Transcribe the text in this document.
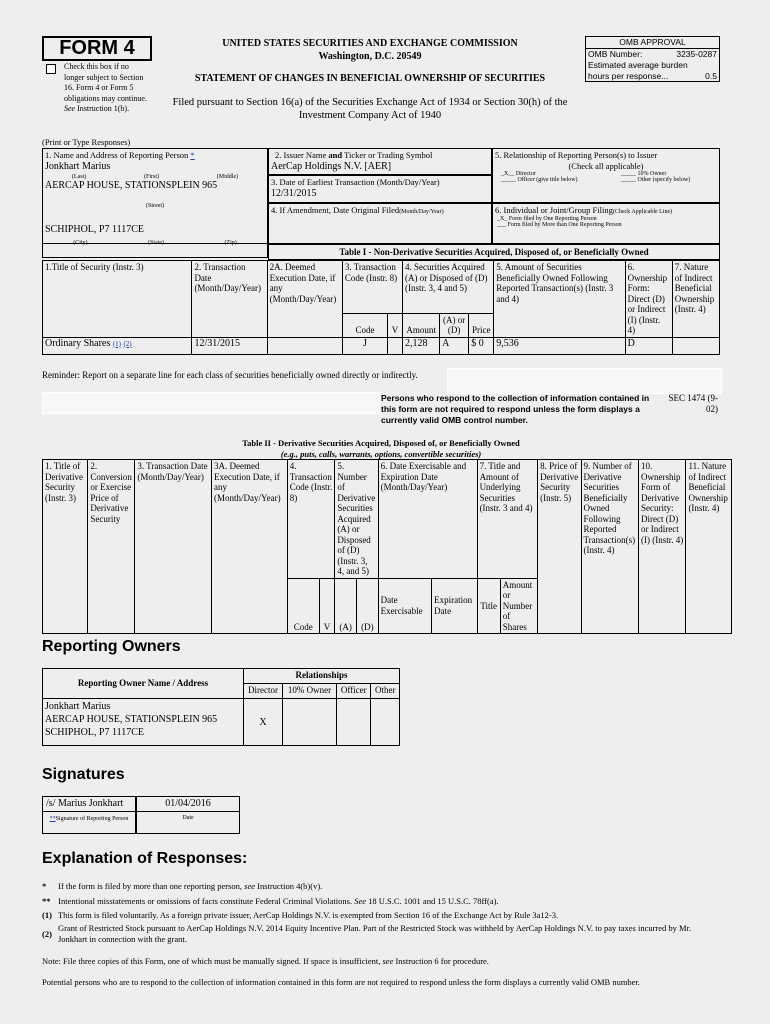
FORM 4
Check this box if no longer subject to Section 16. Form 4 or Form 5 obligations may continue. See Instruction 1(b).
UNITED STATES SECURITIES AND EXCHANGE COMMISSION
Washington, D.C. 20549
STATEMENT OF CHANGES IN BENEFICIAL OWNERSHIP OF SECURITIES
Filed pursuant to Section 16(a) of the Securities Exchange Act of 1934 or Section 30(h) of the Investment Company Act of 1940
OMB APPROVAL
OMB Number:	3235-0287
Estimated average burden
hours per response...	0.5
(Print or Type Responses)
1. Name and Address of Reporting Person *
Jonkhart Marius
(Last)	(First)	(Middle)
AERCAP HOUSE, STATIONSPLEIN 965
(Street)
SCHIPHOL, P7 1117CE
(City)	(State)	(Zip)
2. Issuer Name and Ticker or Trading Symbol
AerCap Holdings N.V. [AER]
3. Date of Earliest Transaction (Month/Day/Year)
12/31/2015
4. If Amendment, Date Original Filed(Month/Day/Year)
5. Relationship of Reporting Person(s) to Issuer
(Check all applicable)
_X__ Director	_____ 10% Owner
_____ Officer (give title below)	_____ Other (specify below)
6. Individual or Joint/Group Filing(Check Applicable Line)
_X_ Form filed by One Reporting Person
___ Form filed by More than One Reporting Person
Table I - Non-Derivative Securities Acquired, Disposed of, or Beneficially Owned
1.Title of Security (Instr. 3)	2. Transaction Date (Month/Day/Year)	2A. Deemed Execution Date, if any (Month/Day/Year)	3. Transaction Code (Instr. 8)		4. Securities Acquired (A) or Disposed of (D) (Instr. 3, 4 and 5)			5. Amount of Securities Beneficially Owned Following Reported Transaction(s) (Instr. 3 and 4)	6. Ownership Form: Direct (D) or Indirect (I) (Instr. 4)	7. Nature of Indirect Beneficial Ownership (Instr. 4)
			Code	V	Amount	(A) or (D)	Price			
Ordinary Shares $^{(1)}$ $^{(2)}$	12/31/2015		J		2,128	A	$ 0	9,536	D	
Reminder: Report on a separate line for each class of securities beneficially owned directly or indirectly.
Persons who respond to the collection of information contained in this form are not required to respond unless the form displays a currently valid OMB control number.
SEC 1474 (9-02)
Table II - Derivative Securities Acquired, Disposed of, or Beneficially Owned
(e.g., puts, calls, warrants, options, convertible securities)
1. Title of Derivative Security (Instr. 3)	2. Conversion or Exercise Price of Derivative Security	3. Transaction Date (Month/Day/Year)	3A. Deemed Execution Date, if any (Month/Day/Year)	4. Transaction Code (Instr. 8)		5. Number of Derivative Securities Acquired (A) or Disposed of (D) (Instr. 3, 4, and 5)		6. Date Exercisable and Expiration Date (Month/Day/Year)		7. Title and Amount of Underlying Securities (Instr. 3 and 4)		8. Price of Derivative Security (Instr. 5)	9. Number of Derivative Securities Beneficially Owned Following Reported Transaction(s) (Instr. 4)	10. Ownership Form of Derivative Security: Direct (D) or Indirect (I) (Instr. 4)	11. Nature of Indirect Beneficial Ownership (Instr. 4)
				Code	V	(A)	(D)	Date Exercisable	Expiration Date	Title	Amount or Number of Shares				
Reporting Owners
Reporting Owner Name / Address	Relationships			
	Director	10% Owner	Officer	Other

Jonkhart Marius
AERCAP HOUSE, STATIONSPLEIN 965
SCHIPHOL, P7 1117CE	X			
Signatures
/s/ Marius Jonkhart	01/04/2016
**Signature of Reporting Person	Date
Explanation of Responses:
* If the form is filed by more than one reporting person, see Instruction 4(b)(v).
** Intentional misstatements or omissions of facts constitute Federal Criminal Violations. See 18 U.S.C. 1001 and 15 U.S.C. 78ff(a).
(1) This form is filed voluntarily. As a foreign private issuer, AerCap Holdings N.V. is exempted from Section 16 of the Exchange Act by Rule 3a12-3.
(2)
Grant of Restricted Stock pursuant to AerCap Holdings N.V. 2014 Equity Incentive Plan. Part of the Restricted Stock was withheld by AerCap Holdings N.V. to pay taxes incurred by Mr. Jonkhart in connection with the grant.
Note: File three copies of this Form, one of which must be manually signed. If space is insufficient, see Instruction 6 for procedure.
Potential persons who are to respond to the collection of information contained in this form are not required to respond unless the form displays a currently valid OMB number.
